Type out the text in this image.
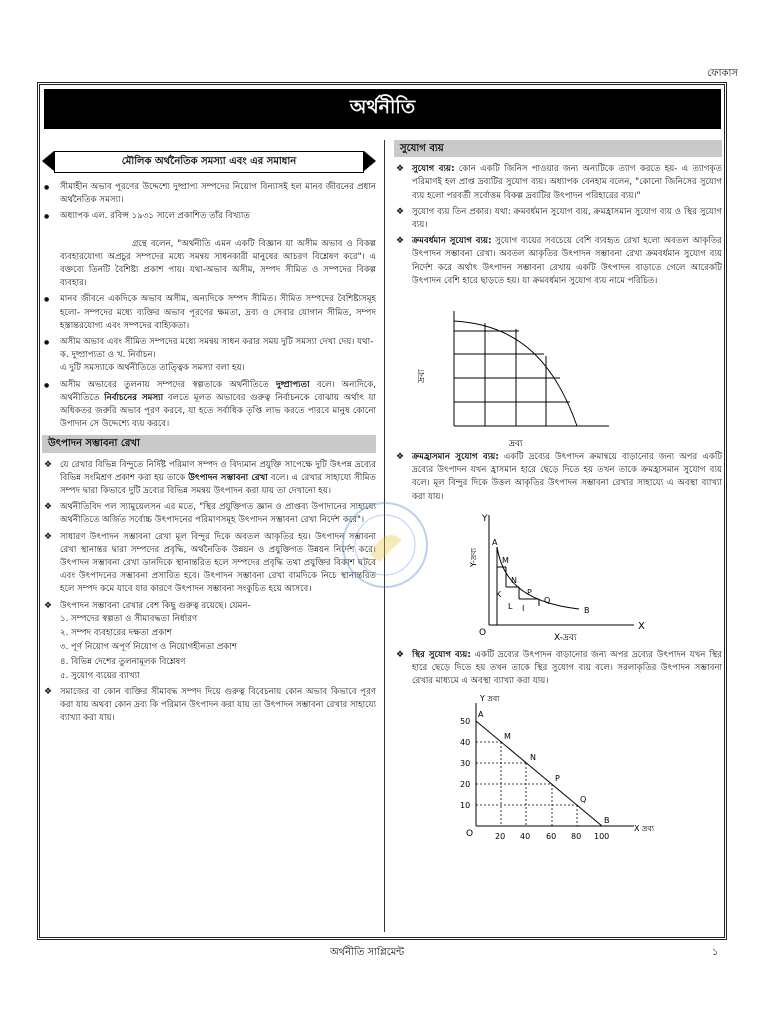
ফোকাস
অর্থনীতি
মৌলিক অর্থনৈতিক সমস্যা এবং এর সমাধান
● সীমাহীন অভাব পূরণের উদ্দেশ্যে দুষ্প্রাপ্য সম্পদের নিয়োগ বিন্যাসই হল মানব জীবনের প্রধান অর্থনৈতিক সমস্যা।
● অধ্যাপক এল. রবিন্স ১৯৩১ সালে প্রকাশিত তাঁর বিখ্যাত
গ্রন্থে বলেন, "অর্থনীতি এমন একটি বিজ্ঞান যা অসীম অভাব ও বিকল্প ব্যবহারযোগ্য অপ্রচুর সম্পদের মধ্যে সমন্বয় সাধনকারী মানুষের আচরণ বিশ্লেষণ করে"। এ বক্তব্যে তিনটি বৈশিষ্ট্য প্রকাশ পায়। যথা-অভাব অসীম, সম্পদ সীমিত ও সম্পদের বিকল্প ব্যবহার।
● মানব জীবনে একদিকে অভাব অসীম, অন্যদিকে সম্পদ সীমিত। সীমিত সম্পদের বৈশিষ্ট্যসমূহ হলো- সম্পদের মধ্যে ব্যক্তির অভাব পূরণের ক্ষমতা, দ্রব্য ও সেবার যোগান সীমিত, সম্পদ হস্তান্তরযোগ্য এবং সম্পদের বাহ্যিকতা।
● অসীম অভাব এবং সীমিত সম্পদের মধ্যে সমন্বয় সাধন করার সময় দুটি সমস্যা দেখা দেয়। যথা-
ক. দুষ্প্রাপ্যতা ও খ. নির্বাচন।
এ দুটি সমস্যাকে অর্থনীতিতে তাত্ত্বিক সমস্যা বলা হয়।
● অসীম অভাবের তুলনায় সম্পদের স্বল্পতাকে অর্থনীতিতে দুষ্প্রাপ্যতা বলে। অন্যদিকে, অর্থনীতিতে নির্বাচনের সমস্যা বলতে মূলত অভাবের গুরুত্ব নির্বাচনকে বোঝায় অর্থাৎ যা অধিকতর জরুরি অভাব পূরণ করবে, যা হতে সর্বাধিক তৃপ্তি লাভ করতে পারবে মানুষ কোনো উপাদান সে উদ্দেশ্যে ব্যয় করবে।
উৎপাদন সম্ভাবনা রেখা
❖ যে রেখার বিভিন্ন বিন্দুতে নির্দিষ্ট পরিমাণ সম্পদ ও বিদ্যমান প্রযুক্তি সাপেক্ষে দুটি উৎপন্ন দ্রব্যের বিভিন্ন সংমিশ্রণ প্রকাশ করা হয় তাকে উৎপাদন সম্ভাবনা রেখা বলে। এ রেখার সাহায্যে সীমিত সম্পদ দ্বারা কিভাবে দুটি দ্রব্যের বিভিন্ন সমন্বয় উৎপাদন করা যায় তা দেখানো হয়।
❖ অর্থনীতিবিদ পল স্যামুয়েলসন এর মতে, "স্থির প্রযুক্তিগত জ্ঞান ও প্রাপ্তব্য উপাদানের সাহায্যে অর্থনীতিতে অর্জিত সর্বোচ্চ উৎপাদনের পরিমাণসমূহ উৎপাদন সম্ভাবনা রেখা নির্দেশ করে"।
❖ সাধারণ উৎপাদন সম্ভাবনা রেখা মূল বিন্দুর দিকে অবতল আকৃতির হয়। উৎপাদন সম্ভাবনা রেখা স্থানান্তর দ্বারা সম্পদের প্রবৃদ্ধি, অর্থনৈতিক উন্নয়ন ও প্রযুক্তিগত উন্নয়ন নির্দেশ করে। উৎপাদন সম্ভাবনা রেখা ডানদিকে স্থানান্তরিত হলে সম্পদের প্রবৃদ্ধি তথা প্রযুক্তির বিকাশ ঘটবে এবং উৎপাদনের সম্ভাবনা প্রসারিত হবে। উৎপাদন সম্ভাবনা রেখা বামদিকে নিচে স্থানান্তরিত হলে সম্পদ কমে যাবে যার কারণে উৎপাদন সম্ভাবনা সংকুচিত হয়ে আসবে।
❖ উৎপাদন সম্ভাবনা রেখার বেশ কিছু গুরুত্ব রয়েছে। যেমন-
১. সম্পদের স্বল্পতা ও সীমাবদ্ধতা নির্ধারণ
২. সম্পদ ব্যবহারের দক্ষতা প্রকাশ
৩. পূর্ণ নিয়োগ অপূর্ণ নিয়োগ ও নিয়োগহীনতা প্রকাশ
৪. বিভিন্ন দেশের তুলনামূলক বিশ্লেষণ
৫. সুযোগ ব্যয়ের ব্যাখ্যা
❖ সমাজের বা কোন ব্যক্তির সীমাবদ্ধ সম্পদ দিয়ে গুরুত্ব বিবেচনায় কোন অভাব কিভাবে পূরণ করা যায় অথবা কোন দ্রব্য কি পরিমান উৎপাদন করা যায় তা উৎপাদন সম্ভাবনা রেখার সাহায্যে ব্যাখ্যা করা যায়।
সুযোগ ব্যয়
❖ সুযোগ ব্যয়: কোন একটি জিনিস পাওয়ার জন্য অন্যটিকে ত্যাগ করতে হয়- এ ত্যাগকৃত পরিমাণই হল প্রাপ্ত দ্রব্যটির সুযোগ ব্যয়। অধ্যাপক বেনহাম বলেন, "কোনো জিনিসের সুযোগ ব্যয় হলো পরবর্তী সর্বোত্তম বিকল্প দ্রব্যটির উৎপাদন পরিহারের ব্যয়।"
❖ সুযোগ ব্যয় তিন প্রকার। যথা: ক্রমবর্ধমান সুযোগ ব্যয়, ক্রমহ্রাসমান সুযোগ ব্যয় ও স্থির সুযোগ ব্যয়।
❖ ক্রমবর্ধমান সুযোগ ব্যয়: সুযোগ ব্যয়ের সবচেয়ে বেশি ব্যবহৃত রেখা হলো অবতল আকৃতির উৎপাদন সম্ভাবনা রেখা। অবতল আকৃতির উৎপাদন সম্ভাবনা রেখা ক্রমবর্ধমান সুযোগ ব্যয় নির্দেশ করে অর্থাৎ উৎপাদন সম্ভাবনা রেখায় একটি উৎপাদন বাড়াতে গেলে আরেকটি উৎপাদন বেশি হারে ছাড়তে হয়। যা ক্রমবর্ধমান সুযোগ ব্যয় নামে পরিচিত।
দ্রব্য
দ্রব্য
❖ ক্রমহ্রাসমান সুযোগ ব্যয়: একটি দ্রব্যের উৎপাদন ক্রমান্বয়ে বাড়ানোর জন্য অপর একটি দ্রব্যের উৎপাদন যখন হ্রাসমান হারে ছেড়ে দিতে হয় তখন তাকে ক্রমহ্রাসমান সুযোগ ব্যয় বলে। মূল বিন্দুর দিকে উত্তল আকৃতির উৎপাদন সম্ভাবনা রেখার সাহায্যে এ অবস্থা ব্যাখ্যা করা যায়।
Y
Y-দ্রব্য
X
X-দ্রব্য
O
A
M
N
K
L I
P
Q
B
❖ স্থির সুযোগ ব্যয়: একটি দ্রব্যের উৎপাদন বাড়ানোর জন্য অপর দ্রব্যের উৎপাদন যখন স্থির হারে ছেড়ে দিতে হয় তখন তাকে স্থির সুযোগ ব্যয় বলে। সরলাকৃতির উৎপাদন সম্ভাবনা রেখার মাধ্যমে এ অবস্থা ব্যাখ্যা করা যায়।
Y দ্রব্য
X দ্রব্য
O
50
40
30
20
10
20 40 60 80 100
A
M
N
P
Q
B
অর্থনীতি সাপ্লিমেন্ট	১
